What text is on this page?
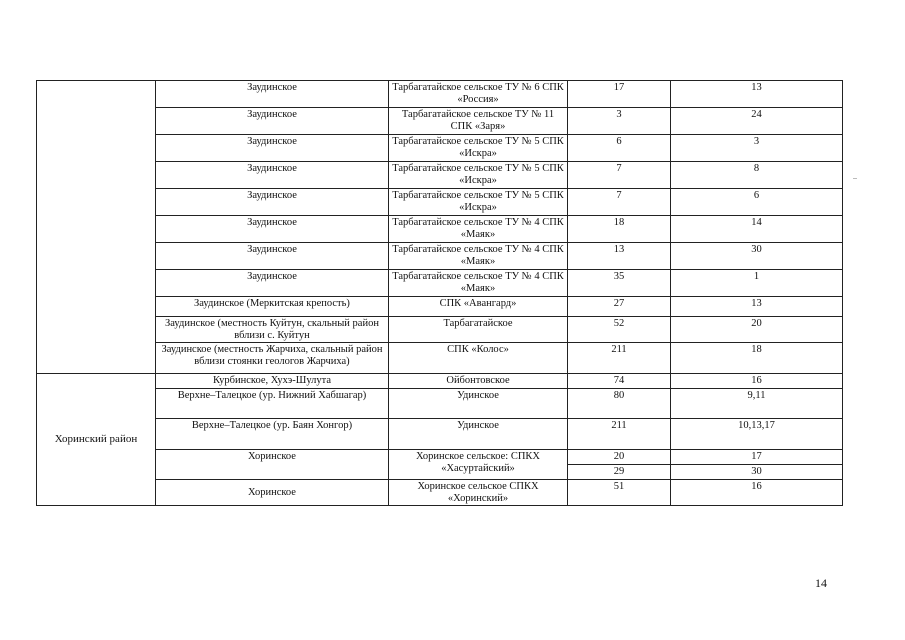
	Заудинское	Тарбагатайское сельское ТУ № 6 СПК «Россия»	17	13
	Заудинское	Тарбагатайское сельское ТУ № 11 СПК «Заря»	3	24
	Заудинское	Тарбагатайское сельское ТУ № 5 СПК «Искра»	6	3
	Заудинское	Тарбагатайское сельское ТУ № 5 СПК «Искра»	7	8
	Заудинское	Тарбагатайское сельское ТУ № 5 СПК «Искра»	7	6
	Заудинское	Тарбагатайское сельское ТУ № 4 СПК «Маяк»	18	14
	Заудинское	Тарбагатайское сельское ТУ № 4 СПК «Маяк»	13	30
	Заудинское	Тарбагатайское сельское ТУ № 4 СПК «Маяк»	35	1
	Заудинское (Меркитская крепость)	СПК «Авангард»	27	13
	Заудинское (местность Куйтун, скальный район вблизи с. Куйтун	Тарбагатайское	52	20
	Заудинское (местность Жарчиха, скальный район вблизи стоянки геологов Жарчиха)	СПК «Колос»	211	18
Хоринский район	Курбинское, Хухэ-Шулута	Ойбонтовское	74	16
	Верхне–Талецкое (ур. Нижний Хабшагар)	Удинское	80	9,11
	Верхне–Талецкое (ур. Баян Хонгор)	Удинское	211	10,13,17
	Хоринское	Хоринское сельское: СПКХ «Хасуртайский»	20	17
			29	30
	Хоринское	Хоринское сельское СПКХ «Хоринский»	51	16
14
